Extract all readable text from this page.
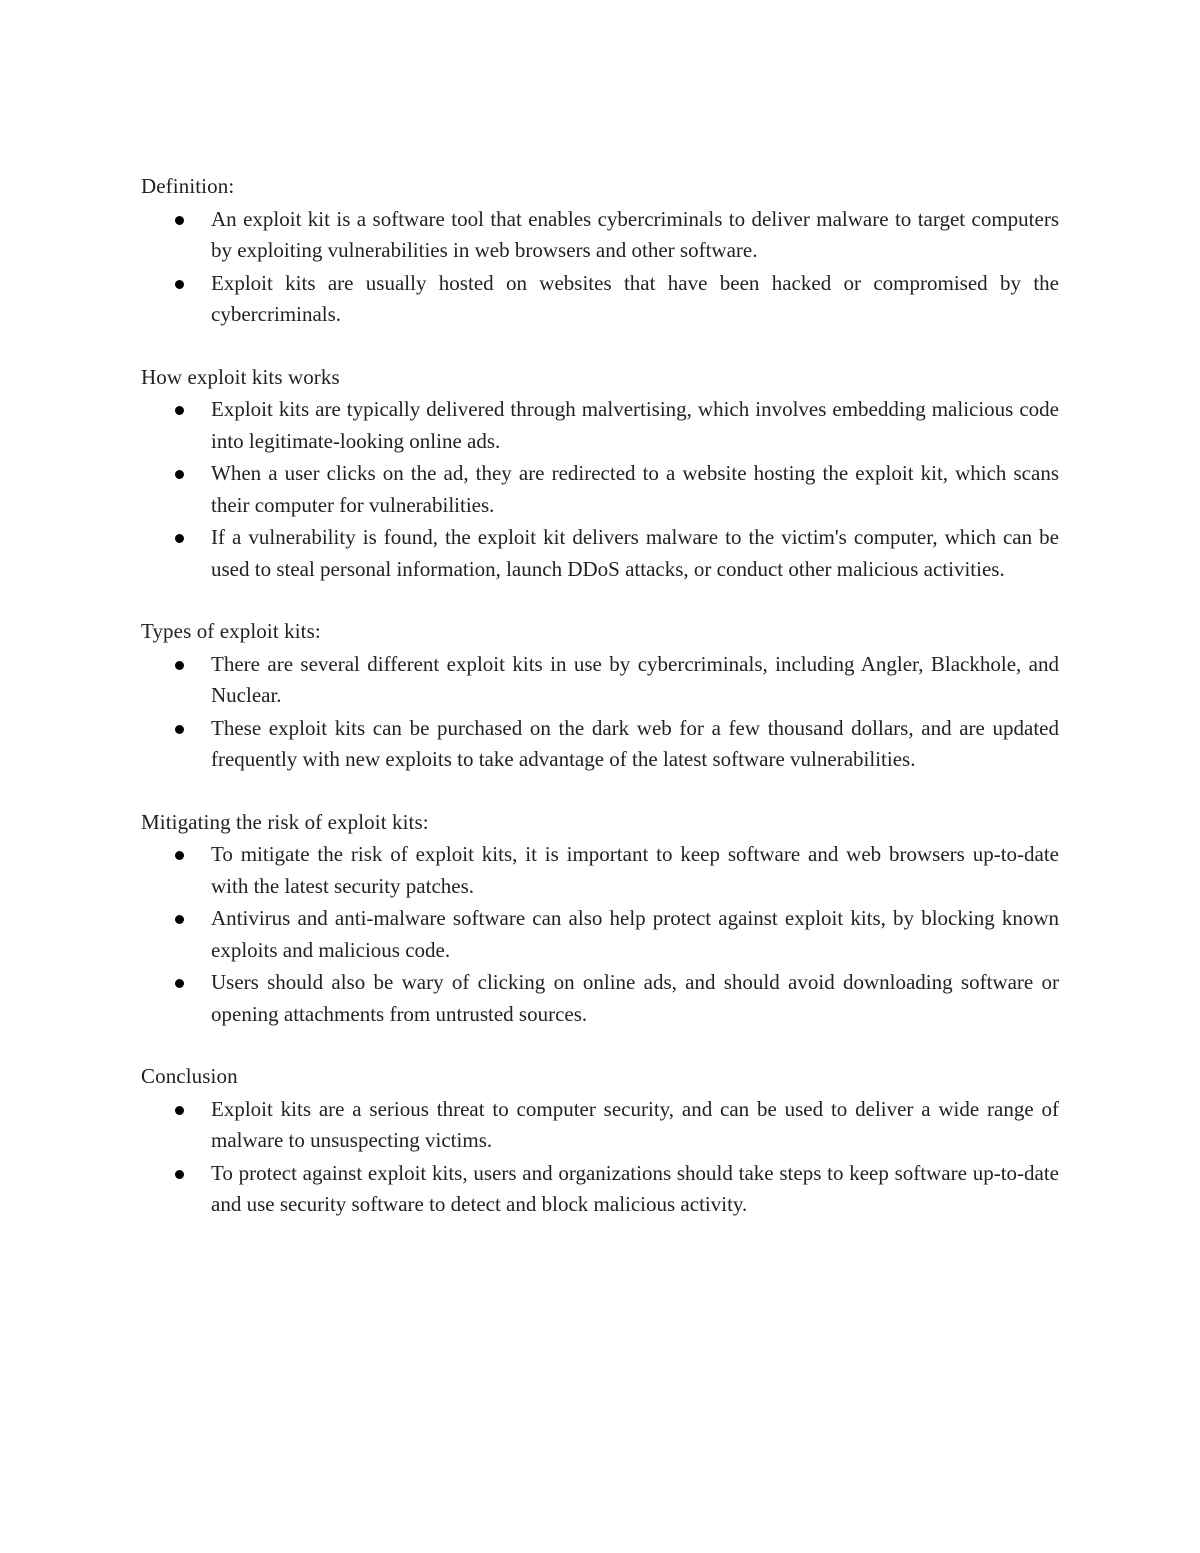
Definition:

An exploit kit is a software tool that enables cybercriminals to deliver malware to target computers by exploiting vulnerabilities in web browsers and other software.
Exploit kits are usually hosted on websites that have been hacked or compromised by the cybercriminals.

How exploit kits works

Exploit kits are typically delivered through malvertising, which involves embedding malicious code into legitimate-looking online ads.
When a user clicks on the ad, they are redirected to a website hosting the exploit kit, which scans their computer for vulnerabilities.
If a vulnerability is found, the exploit kit delivers malware to the victim's computer, which can be used to steal personal information, launch DDoS attacks, or conduct other malicious activities.

Types of exploit kits:

There are several different exploit kits in use by cybercriminals, including Angler, Blackhole, and Nuclear.
These exploit kits can be purchased on the dark web for a few thousand dollars, and are updated frequently with new exploits to take advantage of the latest software vulnerabilities.

Mitigating the risk of exploit kits:

To mitigate the risk of exploit kits, it is important to keep software and web browsers up-to-date with the latest security patches.
Antivirus and anti-malware software can also help protect against exploit kits, by blocking known exploits and malicious code.
Users should also be wary of clicking on online ads, and should avoid downloading software or opening attachments from untrusted sources.

Conclusion

Exploit kits are a serious threat to computer security, and can be used to deliver a wide range of malware to unsuspecting victims.
To protect against exploit kits, users and organizations should take steps to keep software up-to-date and use security software to detect and block malicious activity.
